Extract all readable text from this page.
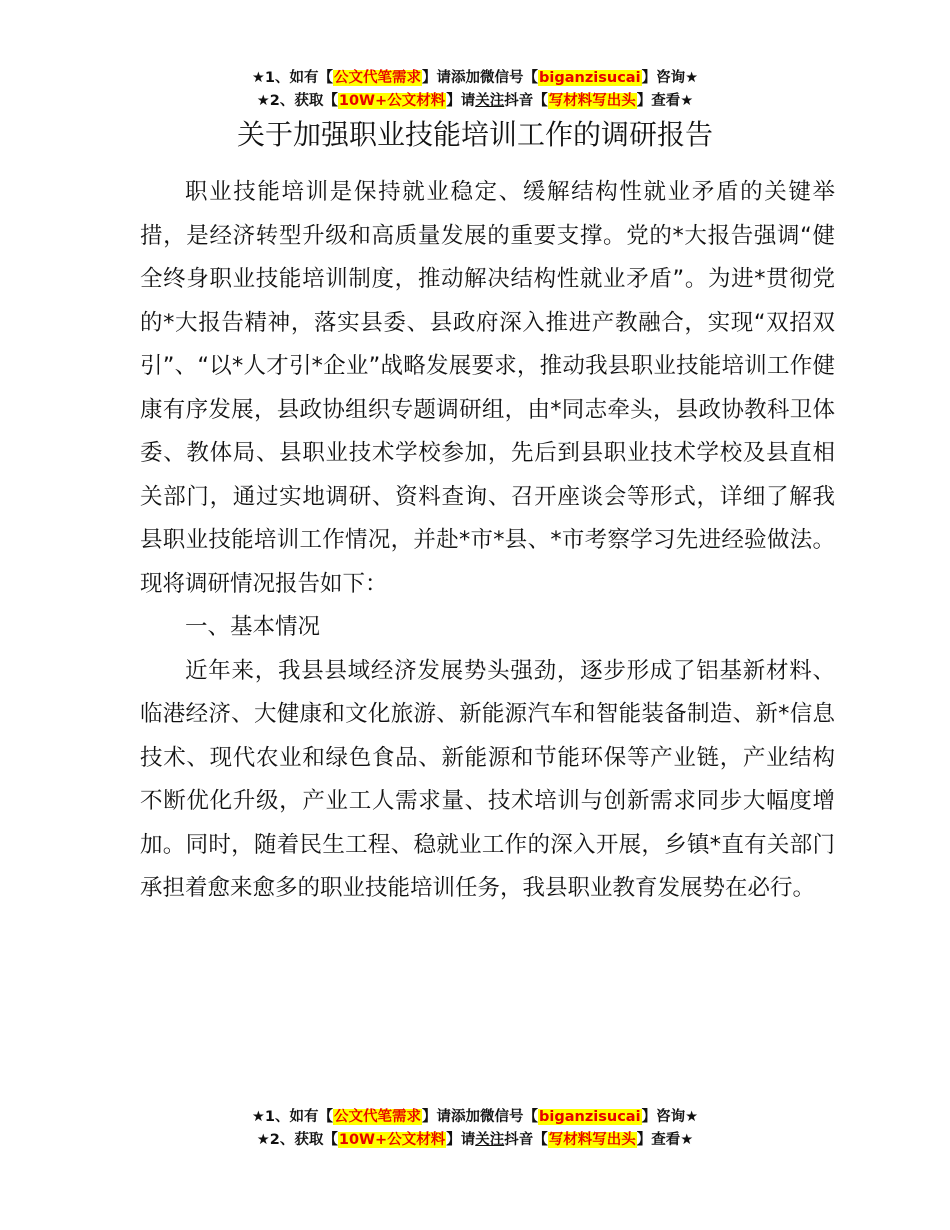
★1、如有【公文代笔需求】请添加微信号【biganzisucai】咨询★
★2、获取【10W+公文材料】请关注抖音【写材料写出头】查看★
关于加强职业技能培训工作的调研报告

职业技能培训是保持就业稳定、缓解结构性就业矛盾的关键举措，是经济转型升级和高质量发展的重要支撑。党的*大报告强调“健全终身职业技能培训制度，推动解决结构性就业矛盾”。为进*贯彻党的*大报告精神，落实县委、县政府深入推进产教融合，实现“双招双引”、“以*人才引*企业”战略发展要求，推动我县职业技能培训工作健康有序发展，县政协组织专题调研组，由*同志牵头，县政协教科卫体委、教体局、县职业技术学校参加，先后到县职业技术学校及县直相关部门，通过实地调研、资料查询、召开座谈会等形式，详细了解我县职业技能培训工作情况，并赴*市*县、*市考察学习先进经验做法。现将调研情况报告如下：

一、基本情况

近年来，我县县域经济发展势头强劲，逐步形成了铝基新材料、临港经济、大健康和文化旅游、新能源汽车和智能装备制造、新*信息技术、现代农业和绿色食品、新能源和节能环保等产业链，产业结构不断优化升级，产业工人需求量、技术培训与创新需求同步大幅度增加。同时，随着民生工程、稳就业工作的深入开展，乡镇*直有关部门承担着愈来愈多的职业技能培训任务，我县职业教育发展势在必行。

★1、如有【公文代笔需求】请添加微信号【biganzisucai】咨询★
★2、获取【10W+公文材料】请关注抖音【写材料写出头】查看★
